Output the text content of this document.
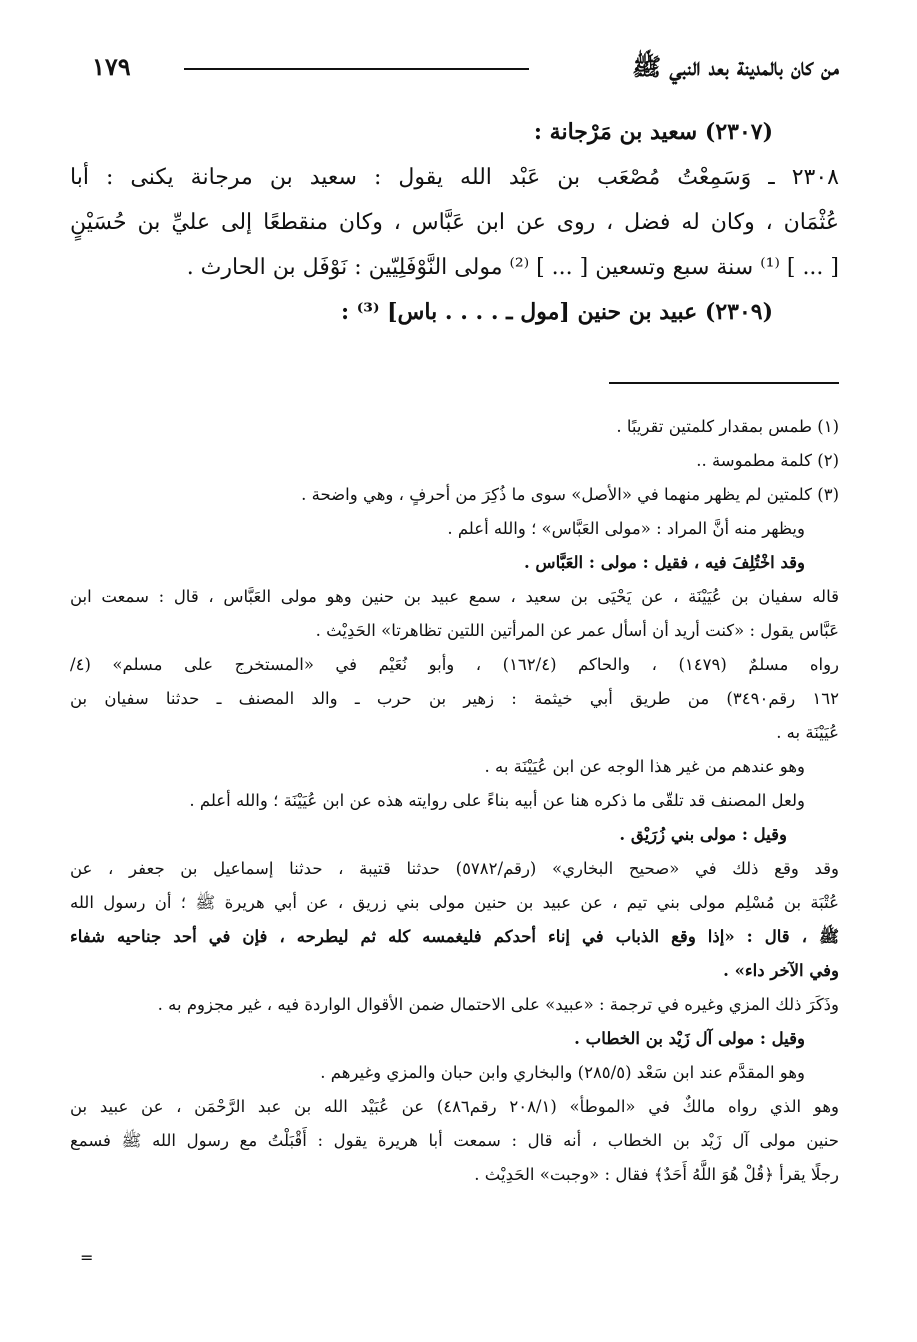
من كان بالمدينة بعد النبي ﷺ
١٧٩
(٢٣٠٧) سعيد بن مَرْجانة :
٢٣٠٨ ـ وَسَمِعْتُ مُصْعَب بن عَبْد الله يقول : سعيد بن مرجانة يكنى : أبا
عُثْمَان ، وكان له فضل ، روى عن ابن عَبَّاس ، وكان منقطعًا إلى عليِّ بن حُسَيْنٍ
[ ... ] ⁽¹⁾ سنة سبع وتسعين [ ... ] ⁽²⁾ مولى النَّوْفَلِيّين : نَوْفَل بن الحارث .
(٢٣٠٩) عبيد بن حنين [مول ـ . . . . باس] ⁽³⁾ :
(١) طمس بمقدار كلمتين تقريبًا .
(٢) كلمة مطموسة ..
(٣) كلمتين لم يظهر منهما في «الأصل» سوى ما ذُكِرَ من أحرفٍ ، وهي واضحة .
ويظهر منه أنَّ المراد : «مولى العَبَّاس» ؛ والله أعلم .
وقد اخْتُلِفَ فيه ، فقيل : مولى : العَبَّاس .
قاله سفيان بن عُيَيْنَة ، عن يَحْيَى بن سعيد ، سمع عبيد بن حنين وهو مولى العَبَّاس ، قال : سمعت ابن
عَبَّاس يقول : «كنت أريد أن أسأل عمر عن المرأتين اللتين تظاهرتا» الحَدِيْث .
رواه مسلمٌ (١٤٧٩) ، والحاكم (١٦٢/٤) ، وأبو نُعَيْم في «المستخرج على مسلم» (٤/
١٦٢ رقم٣٤٩٠) من طريق أبي خيثمة : زهير بن حرب ـ والد المصنف ـ حدثنا سفيان بن
عُيَيْنَة به .
وهو عندهم من غير هذا الوجه عن ابن عُيَيْنَة به .
ولعل المصنف قد تلقّى ما ذكره هنا عن أبيه بناءً على روايته هذه عن ابن عُيَيْنَة ؛ والله أعلم .
وقيل : مولى بني زُرَيْق .
وقد وقع ذلك في «صحيح البخاري» (رقم/٥٧٨٢) حدثنا قتيبة ، حدثنا إسماعيل بن جعفر ، عن
عُتْبَة بن مُسْلِم مولى بني تيم ، عن عبيد بن حنين مولى بني زريق ، عن أبي هريرة ﷺ ؛ أن رسول الله
ﷺ ، قال : «إذا وقع الذباب في إناء أحدكم فليغمسه كله ثم ليطرحه ، فإن في أحد جناحيه شفاء
وفي الآخر داء» .
وذَكَرَ ذلك المزي وغيره في ترجمة : «عبيد» على الاحتمال ضمن الأقوال الواردة فيه ، غير مجزوم به .
وقيل : مولى آل زَيْد بن الخطاب .
وهو المقدَّم عند ابن سَعْد (٢٨٥/٥) والبخاري وابن حبان والمزي وغيرهم .
وهو الذي رواه مالكٌ في «الموطأ» (٢٠٨/١ رقم٤٨٦) عن عُبَيْد الله بن عبد الرَّحْمَن ، عن عبيد بن
حنين مولى آل زَيْد بن الخطاب ، أنه قال : سمعت أبا هريرة يقول : أَقْبَلْتُ مع رسول الله ﷺ فسمع
رجلًا يقرأ ﴿قُلْ هُوَ اللَّهُ أَحَدٌ﴾ فقال : «وجبت» الحَدِيْث .
=
